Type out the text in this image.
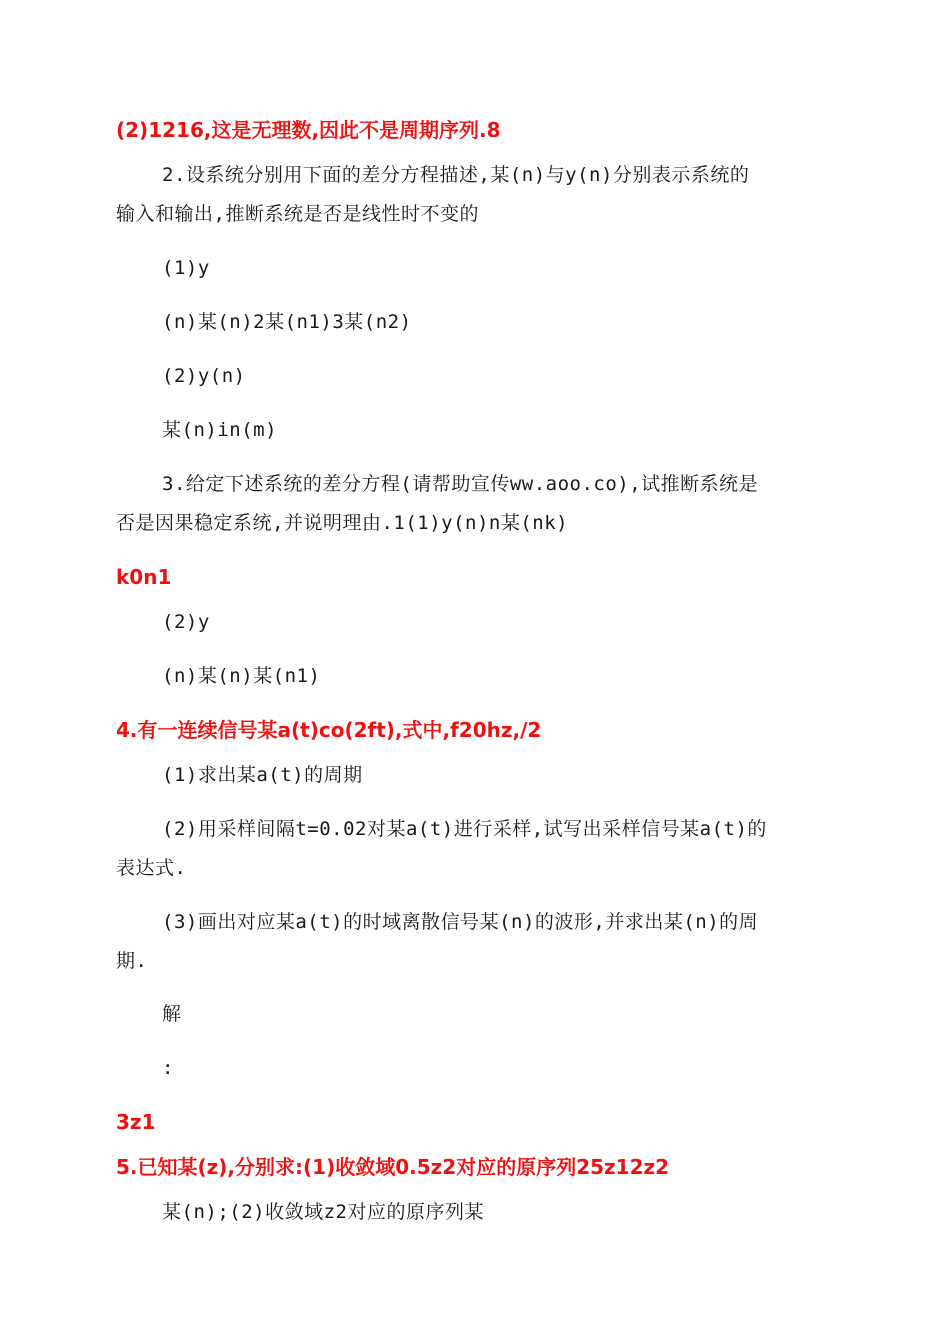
(2)1216,这是无理数,因此不是周期序列.8
2.设系统分别用下面的差分方程描述,某(n)与y(n)分别表示系统的
输入和输出,推断系统是否是线性时不变的
(1)y
(n)某(n)2某(n1)3某(n2)
(2)y(n)
某(n)in(m)
3.给定下述系统的差分方程(请帮助宣传ww.aoo.co),试推断系统是
否是因果稳定系统,并说明理由.1(1)y(n)n某(nk)
k0n1
(2)y
(n)某(n)某(n1)
4.有一连续信号某a(t)co(2ft),式中,f20hz,/2
(1)求出某a(t)的周期
(2)用采样间隔t=0.02对某a(t)进行采样,试写出采样信号某a(t)的
表达式.
(3)画出对应某a(t)的时域离散信号某(n)的波形,并求出某(n)的周
期.
解
:
3z1
5.已知某(z),分别求:(1)收敛域0.5z2对应的原序列25z12z2
某(n);(2)收敛域z2对应的原序列某
